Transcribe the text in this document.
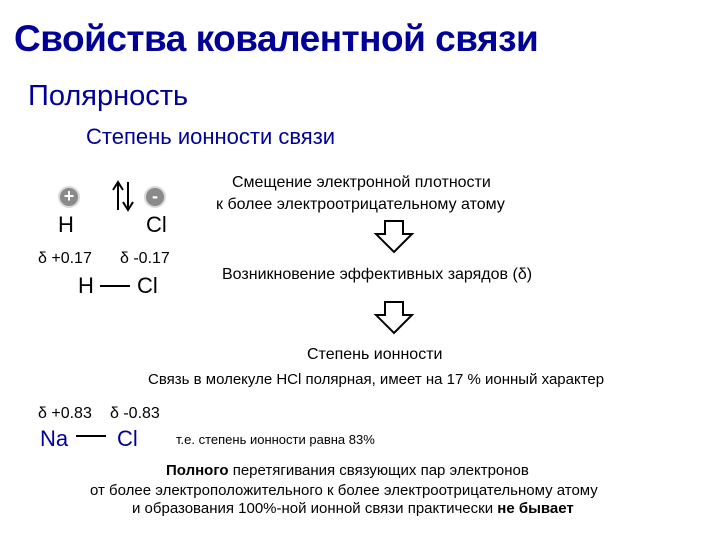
Свойства ковалентной связи
Полярность
Степень ионности связи
+	-
H	Cl
δ +0.17 δ -0.17
H Cl
Смещение электронной плотности
к более электроотрицательному атому
Возникновение эффективных зарядов (δ)
Степень ионности
Связь в молекуле HCl полярная, имеет на 17 % ионный характер
δ +0.83 δ -0.83
Na Cl	т.е. степень ионности равна 83%
Полного перетягивания связующих пар электронов
от более электроположительного к более электроотрицательному атому
и образования 100%-ной ионной связи практически не бывает
